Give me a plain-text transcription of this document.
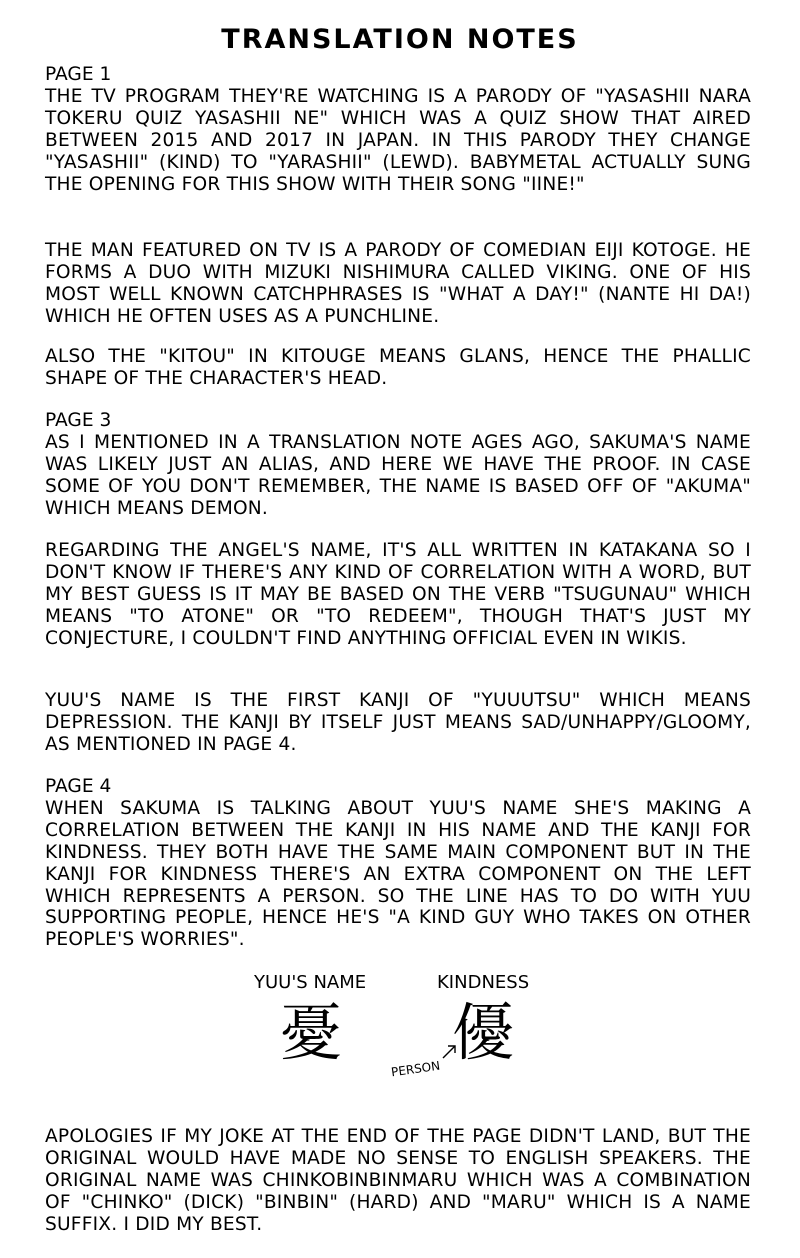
TRANSLATION NOTES
PAGE 1

THE TV PROGRAM THEY'RE WATCHING IS A PARODY OF "YASASHII NARA TOKERU QUIZ YASASHII NE" WHICH WAS A QUIZ SHOW THAT AIRED BETWEEN 2015 AND 2017 IN JAPAN. IN THIS PARODY THEY CHANGE "YASASHII" (KIND) TO "YARASHII" (LEWD). BABYMETAL ACTUALLY SUNG THE OPENING FOR THIS SHOW WITH THEIR SONG "IINE!"

THE MAN FEATURED ON TV IS A PARODY OF COMEDIAN EIJI KOTOGE. HE FORMS A DUO WITH MIZUKI NISHIMURA CALLED VIKING. ONE OF HIS MOST WELL KNOWN CATCHPHRASES IS "WHAT A DAY!" (NANTE HI DA!) WHICH HE OFTEN USES AS A PUNCHLINE.

ALSO THE "KITOU" IN KITOUGE MEANS GLANS, HENCE THE PHALLIC SHAPE OF THE CHARACTER'S HEAD.

PAGE 3

AS I MENTIONED IN A TRANSLATION NOTE AGES AGO, SAKUMA'S NAME WAS LIKELY JUST AN ALIAS, AND HERE WE HAVE THE PROOF. IN CASE SOME OF YOU DON'T REMEMBER, THE NAME IS BASED OFF OF "AKUMA" WHICH MEANS DEMON.

REGARDING THE ANGEL'S NAME, IT'S ALL WRITTEN IN KATAKANA SO I DON'T KNOW IF THERE'S ANY KIND OF CORRELATION WITH A WORD, BUT MY BEST GUESS IS IT MAY BE BASED ON THE VERB "TSUGUNAU" WHICH MEANS "TO ATONE" OR "TO REDEEM", THOUGH THAT'S JUST MY CONJECTURE, I COULDN'T FIND ANYTHING OFFICIAL EVEN IN WIKIS.

YUU'S NAME IS THE FIRST KANJI OF "YUUUTSU" WHICH MEANS DEPRESSION. THE KANJI BY ITSELF JUST MEANS SAD/UNHAPPY/GLOOMY, AS MENTIONED IN PAGE 4.

PAGE 4

WHEN SAKUMA IS TALKING ABOUT YUU'S NAME SHE'S MAKING A CORRELATION BETWEEN THE KANJI IN HIS NAME AND THE KANJI FOR KINDNESS. THEY BOTH HAVE THE SAME MAIN COMPONENT BUT IN THE KANJI FOR KINDNESS THERE'S AN EXTRA COMPONENT ON THE LEFT WHICH REPRESENTS A PERSON. SO THE LINE HAS TO DO WITH YUU SUPPORTING PEOPLE, HENCE HE'S "A KIND GUY WHO TAKES ON OTHER PEOPLE'S WORRIES".

YUU'S NAME	KINDNESS
憂 優
PERSON

APOLOGIES IF MY JOKE AT THE END OF THE PAGE DIDN'T LAND, BUT THE ORIGINAL WOULD HAVE MADE NO SENSE TO ENGLISH SPEAKERS. THE ORIGINAL NAME WAS CHINKOBINBINMARU WHICH WAS A COMBINATION OF "CHINKO" (DICK) "BINBIN" (HARD) AND "MARU" WHICH IS A NAME SUFFIX. I DID MY BEST.
